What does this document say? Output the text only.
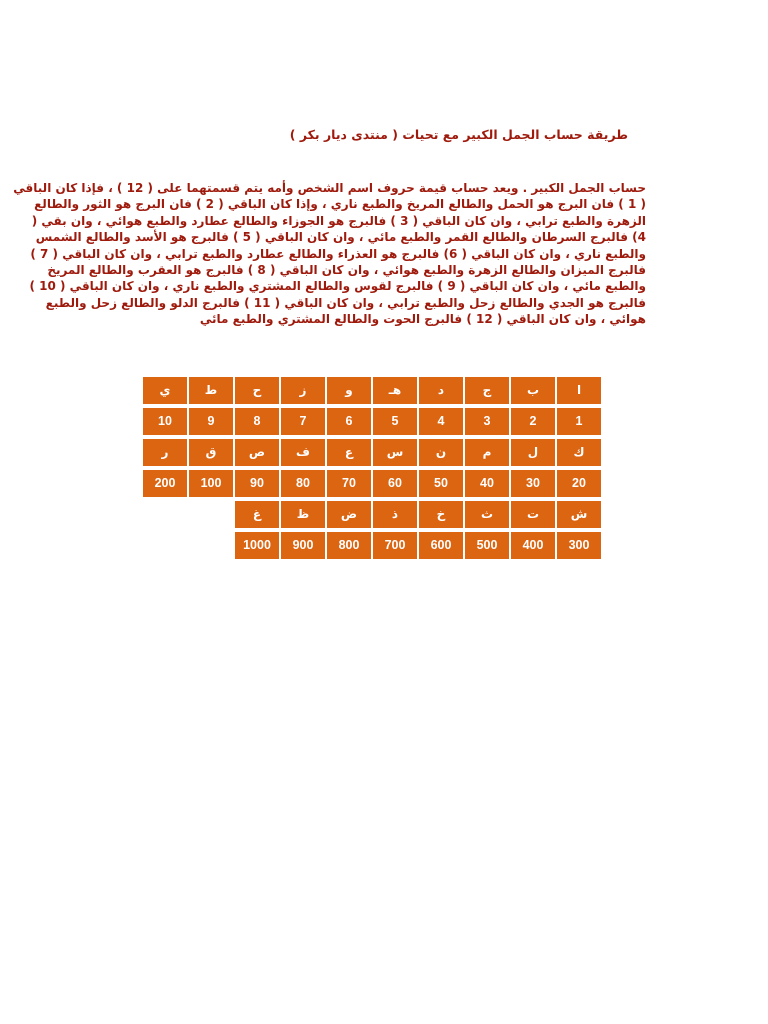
طريقة حساب الجمل الكبير مع تحيات ( منتدى ديار بكر )
حساب الجمل الكبير . ويعد حساب قيمة حروف اسم الشخص وأمه يتم قسمتهما على ( 12 ) ، فإذا كان الباقي
( 1 ) فان البرج هو الحمل والطالع المريخ والطبع ناري ، وإذا كان الباقي ( 2 ) فان البرج هو الثور والطالع
الزهرة والطبع ترابي ، وان كان الباقي ( 3 ) فالبرج هو الجوزاء والطالع عطارد والطبع هوائي ، وان بقي (
4) فالبرج السرطان والطالع القمر والطبع مائي ، وان كان الباقي ( 5 ) فالبرج هو الأسد والطالع الشمس
والطبع ناري ، وان كان الباقي ( 6) فالبرج هو العذراء والطالع عطارد والطبع ترابي ، وان كان الباقي ( 7 )
فالبرج الميزان والطالع الزهرة والطبع هوائي ، وان كان الباقي ( 8 ) فالبرج هو العقرب والطالع المريخ
والطبع مائي ، وان كان الباقي ( 9 ) فالبرج لقوس والطالع المشتري والطبع ناري ، وان كان الباقي ( 10 )
فالبرج هو الجدي والطالع زحل والطبع ترابي ، وان كان الباقي ( 11 ) فالبرج الدلو والطالع زحل والطبع
هوائي ، وان كان الباقي ( 12 ) فالبرج الحوت والطالع المشتري والطبع مائي
ا
ب
ج
د
هـ
و
ز
ح
ط
ي
1
2
3
4
5
6
7
8
9
10
ك
ل
م
ن
س
ع
ف
ص
ق
ر
20
30
40
50
60
70
80
90
100
200
ش
ت
ث
خ
ذ
ض
ظ
غ
300
400
500
600
700
800
900
1000
